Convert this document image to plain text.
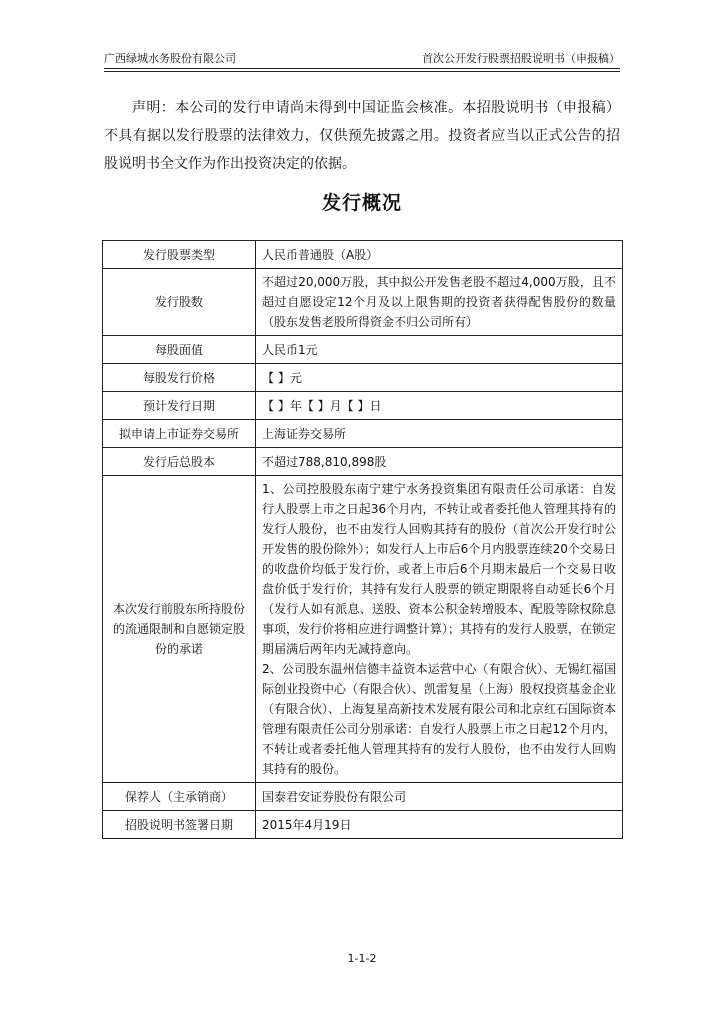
广西绿城水务股份有限公司	首次公开发行股票招股说明书（申报稿）
声明：本公司的发行申请尚未得到中国证监会核准。本招股说明书（申报稿）不具有据以发行股票的法律效力，仅供预先披露之用。投资者应当以正式公告的招股说明书全文作为作出投资决定的依据。
发行概况
发行股票类型	人民币普通股（A股）
发行股数	不超过20,000万股，其中拟公开发售老股不超过4,000万股，且不超过自愿设定12个月及以上限售期的投资者获得配售股份的数量（股东发售老股所得资金不归公司所有）
每股面值	人民币1元
每股发行价格	【 】元
预计发行日期	【 】年【 】月【 】日
拟申请上市证券交易所	上海证券交易所
发行后总股本	不超过788,810,898股
本次发行前股东所持股份的流通限制和自愿锁定股份的承诺	1、公司控股股东南宁建宁水务投资集团有限责任公司承诺：自发行人股票上市之日起36个月内，不转让或者委托他人管理其持有的发行人股份，也不由发行人回购其持有的股份（首次公开发行时公开发售的股份除外）；如发行人上市后6个月内股票连续20个交易日的收盘价均低于发行价，或者上市后6个月期末最后一个交易日收盘价低于发行价，其持有发行人股票的锁定期限将自动延长6个月（发行人如有派息、送股、资本公积金转增股本、配股等除权除息事项，发行价将相应进行调整计算）；其持有的发行人股票，在锁定期届满后两年内无减持意向。
2、公司股东温州信德丰益资本运营中心（有限合伙）、无锡红福国际创业投资中心（有限合伙）、凯雷复星（上海）股权投资基金企业（有限合伙）、上海复星高新技术发展有限公司和北京红石国际资本管理有限责任公司分别承诺：自发行人股票上市之日起12个月内，不转让或者委托他人管理其持有的发行人股份，也不由发行人回购其持有的股份。

保荐人（主承销商）	国泰君安证券股份有限公司
招股说明书签署日期	2015年4月19日
1-1-2
